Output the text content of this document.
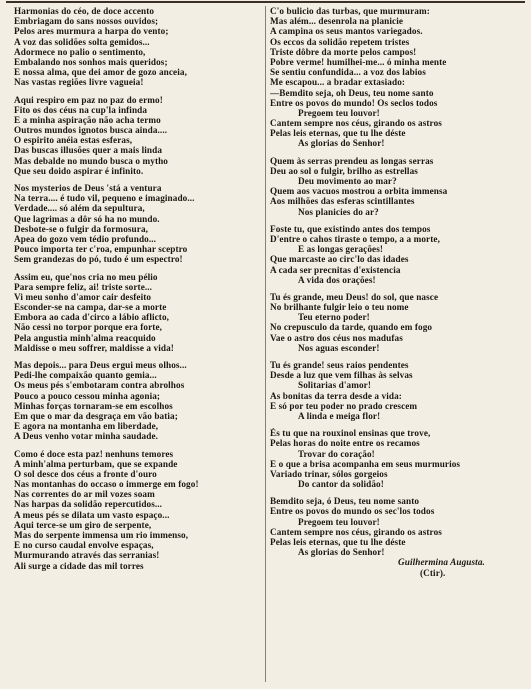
Harmonias do céo, de doce accento
Embriagam do sans nossos ouvidos;
Pelos ares murmura a harpa do vento;
A voz das solidões solta gemidos...
Adormece no palio o sentimento,
Embalando nos sonhos mais queridos;
E nossa alma, que dei amor de gozo anceia,
Nas vastas regiões livre vagueia!
Aqui respiro em paz no paz do ermo!
Fito os dos céus na cup'la infinda
E a minha aspiração não acha termo
Outros mundos ignotos busca ainda....
O espirito anéia estas esferas,
Das buscas illusões quer a mais linda
Mas debalde no mundo busca o mytho
Que seu doido aspirar é infinito.
Nos mysterios de Deus 'stá a ventura
Na terra.... é tudo vil, pequeno e imaginado...
Verdade.... só além da sepultura,
Que lagrimas a dôr só ha no mundo.
Desbote-se o fulgir da formosura,
Apea do gozo vem tédio profundo...
Pouco importa ter c'roa, empunhar sceptro
Sem grandezas do pó, tudo é um espectro!
Assim eu, que'nos cria no meu pélio
Para sempre feliz, ai! triste sorte...
Vi meu sonho d'amor cair desfeito
Esconder-se na campa, dar-se a morte
Embora ao cada d'circo a lábio aflicto,
Não cessi no torpor porque era forte,
Pela angustia minh'alma reacquido
Maldisse o meu soffrer, maldisse a vida!
Mas depois... para Deus ergui meus olhos...
Pedi-lhe compaixão quanto gemia...
Os meus pés s'embotaram contra abrolhos
Pouco a pouco cessou minha agonia;
Minhas forças tornaram-se em escolhos
Em que o mar da desgraça em vão batia;
E agora na montanha em liberdade,
A Deus venho votar minha saudade.
Como é doce esta paz! nenhuns temores
A minh'alma perturbam, que se expande
O sol desce dos céus a fronte d'ouro
Nas montanhas do occaso o immerge em fogo!
Nas correntes do ar mil vozes soam
Nas harpas da solidão repercutidos...
A meus pés se dilata um vasto espaço...
Aqui terce-se um giro de serpente,
Mas do serpente immensa um rio immenso,
E no curso caudal envolve espaças,
Murmurando através das serranias!
Ali surge a cidade das mil torres
C'o bulicio das turbas, que murmuram:
Mas além... desenrola na planicie
A campina os seus mantos variegados.
Os eccos da solidão repetem tristes
Triste dôbre da morte pelos campos!
Pobre verme! humilhei-me... ó minha mente
Se sentiu confundida... a voz dos labios
Me escapou... a bradar extasiado:
—Bemdito seja, oh Deus, teu nome santo
Entre os povos do mundo! Os seclos todos
Pregoem teu louvor!
Cantem sempre nos céus, girando os astros
Pelas leis eternas, que tu lhe déste
As glorias do Senhor!
Quem às serras prendeu as longas serras
Deu ao sol o fulgir, brilho as estrellas
Deu movimento ao mar?
Quem aos vacuos mostrou a orbita immensa
Aos milhões das esferas scintillantes
Nos planicies do ar?
Foste tu, que existindo antes dos tempos
D'entre o cahos tiraste o tempo, a a morte,
E as longas gerações!
Que marcaste ao circ'lo das idades
A cada ser precnitas d'existencia
A vida dos orações!
Tu és grande, meu Deus! do sol, que nasce
No brilhante fulgir leio o teu nome
Teu eterno poder!
No crepusculo da tarde, quando em fogo
Vae o astro dos céus nos madufas
Nos aguas esconder!
Tu és grande! seus raios pendentes
Desde a luz que vem filhas às selvas
Solitarias d'amor!
As bonitas da terra desde a vida:
E só por teu poder no prado crescem
A linda e meiga flor!
És tu que na rouxinol ensinas que trove,
Pelas horas do noite entre os recamos
Trovar do coração!
E o que a brisa acompanha em seus murmurios
Variado trinar, sólos gorgeios
Do cantor da solidão!
Bemdito seja, ó Deus, teu nome santo
Entre os povos do mundo os sec'los todos
Pregoem teu louvor!
Cantem sempre nos céus, girando os astros
Pelas leis eternas, que tu lhe déste
As glorias do Senhor!
Guilhermina Augusta.
(Ctir).
